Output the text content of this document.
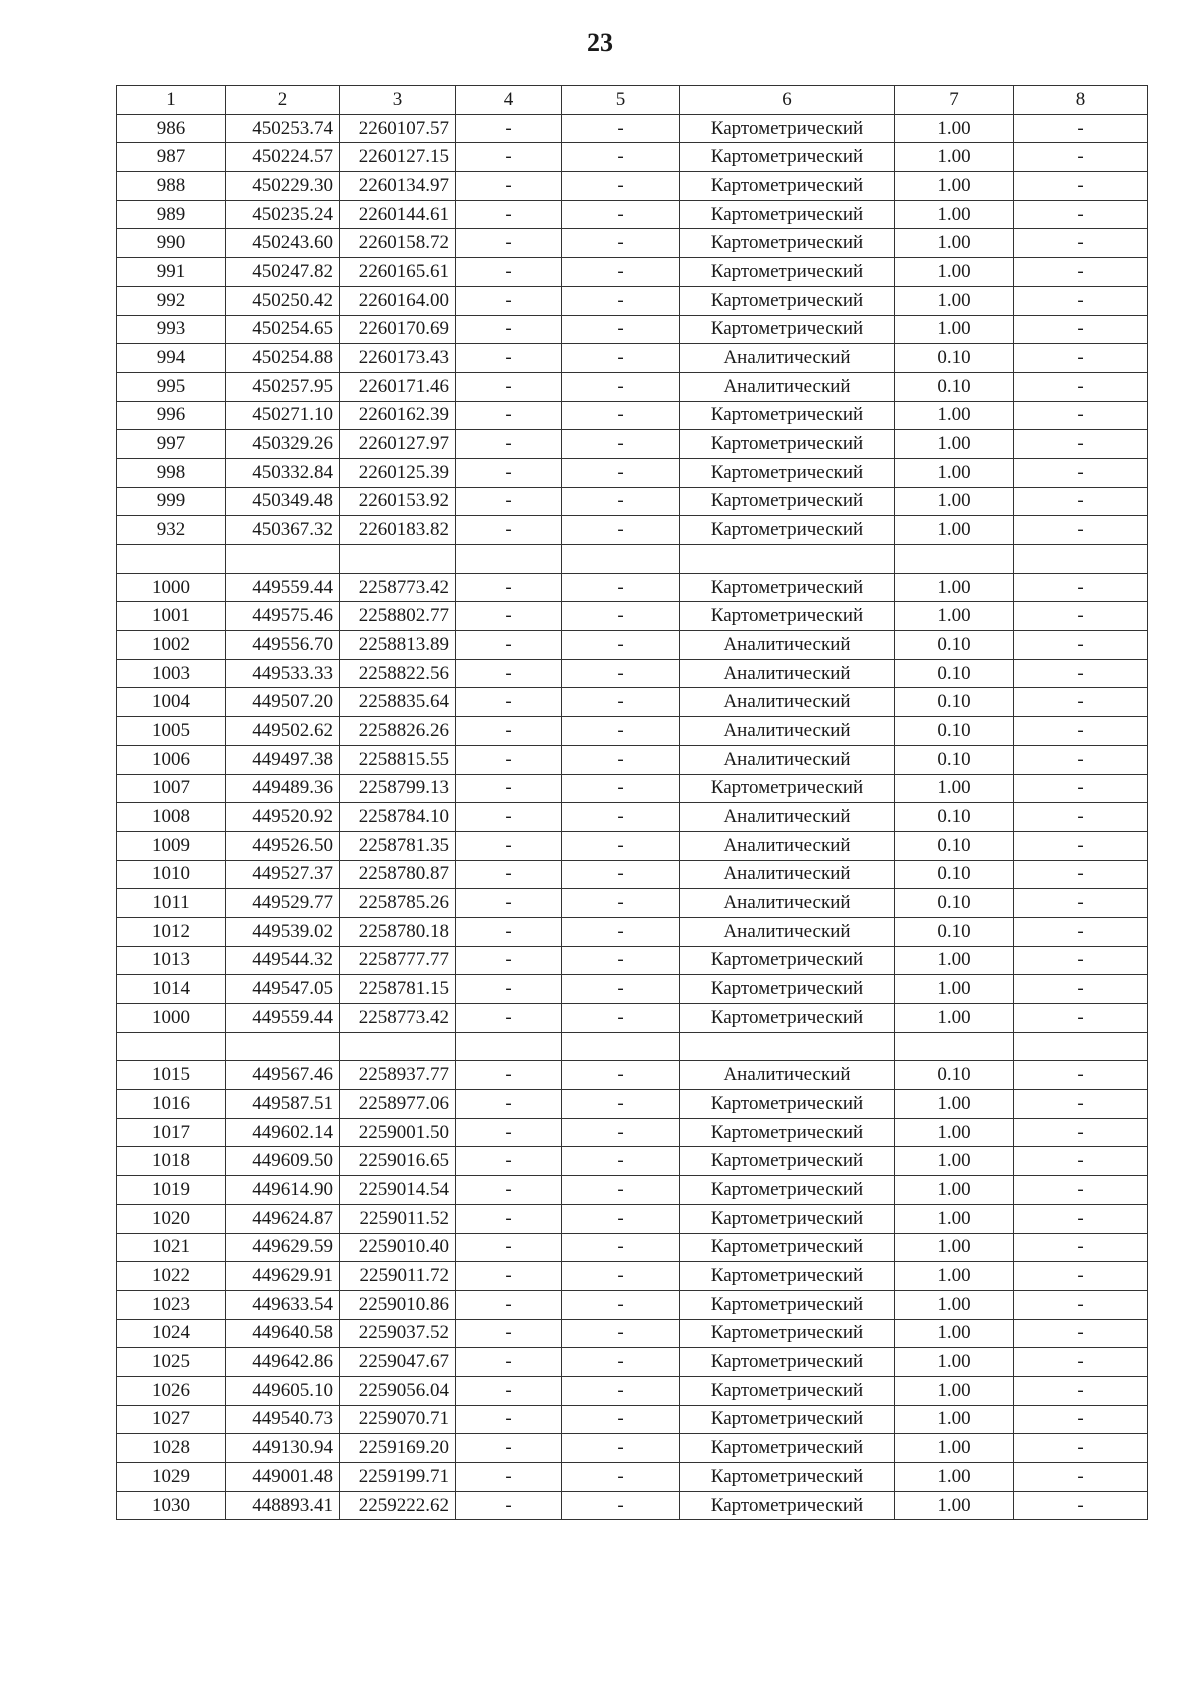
23
1	2	3	4	5	6	7	8
986	450253.74	2260107.57	-	-	Картометрический	1.00	-
987	450224.57	2260127.15	-	-	Картометрический	1.00	-
988	450229.30	2260134.97	-	-	Картометрический	1.00	-
989	450235.24	2260144.61	-	-	Картометрический	1.00	-
990	450243.60	2260158.72	-	-	Картометрический	1.00	-
991	450247.82	2260165.61	-	-	Картометрический	1.00	-
992	450250.42	2260164.00	-	-	Картометрический	1.00	-
993	450254.65	2260170.69	-	-	Картометрический	1.00	-
994	450254.88	2260173.43	-	-	Аналитический	0.10	-
995	450257.95	2260171.46	-	-	Аналитический	0.10	-
996	450271.10	2260162.39	-	-	Картометрический	1.00	-
997	450329.26	2260127.97	-	-	Картометрический	1.00	-
998	450332.84	2260125.39	-	-	Картометрический	1.00	-
999	450349.48	2260153.92	-	-	Картометрический	1.00	-
932	450367.32	2260183.82	-	-	Картометрический	1.00	-

1000	449559.44	2258773.42	-	-	Картометрический	1.00	-
1001	449575.46	2258802.77	-	-	Картометрический	1.00	-
1002	449556.70	2258813.89	-	-	Аналитический	0.10	-
1003	449533.33	2258822.56	-	-	Аналитический	0.10	-
1004	449507.20	2258835.64	-	-	Аналитический	0.10	-
1005	449502.62	2258826.26	-	-	Аналитический	0.10	-
1006	449497.38	2258815.55	-	-	Аналитический	0.10	-
1007	449489.36	2258799.13	-	-	Картометрический	1.00	-
1008	449520.92	2258784.10	-	-	Аналитический	0.10	-
1009	449526.50	2258781.35	-	-	Аналитический	0.10	-
1010	449527.37	2258780.87	-	-	Аналитический	0.10	-
1011	449529.77	2258785.26	-	-	Аналитический	0.10	-
1012	449539.02	2258780.18	-	-	Аналитический	0.10	-
1013	449544.32	2258777.77	-	-	Картометрический	1.00	-
1014	449547.05	2258781.15	-	-	Картометрический	1.00	-
1000	449559.44	2258773.42	-	-	Картометрический	1.00	-

1015	449567.46	2258937.77	-	-	Аналитический	0.10	-
1016	449587.51	2258977.06	-	-	Картометрический	1.00	-
1017	449602.14	2259001.50	-	-	Картометрический	1.00	-
1018	449609.50	2259016.65	-	-	Картометрический	1.00	-
1019	449614.90	2259014.54	-	-	Картометрический	1.00	-
1020	449624.87	2259011.52	-	-	Картометрический	1.00	-
1021	449629.59	2259010.40	-	-	Картометрический	1.00	-
1022	449629.91	2259011.72	-	-	Картометрический	1.00	-
1023	449633.54	2259010.86	-	-	Картометрический	1.00	-
1024	449640.58	2259037.52	-	-	Картометрический	1.00	-
1025	449642.86	2259047.67	-	-	Картометрический	1.00	-
1026	449605.10	2259056.04	-	-	Картометрический	1.00	-
1027	449540.73	2259070.71	-	-	Картометрический	1.00	-
1028	449130.94	2259169.20	-	-	Картометрический	1.00	-
1029	449001.48	2259199.71	-	-	Картометрический	1.00	-
1030	448893.41	2259222.62	-	-	Картометрический	1.00	-
